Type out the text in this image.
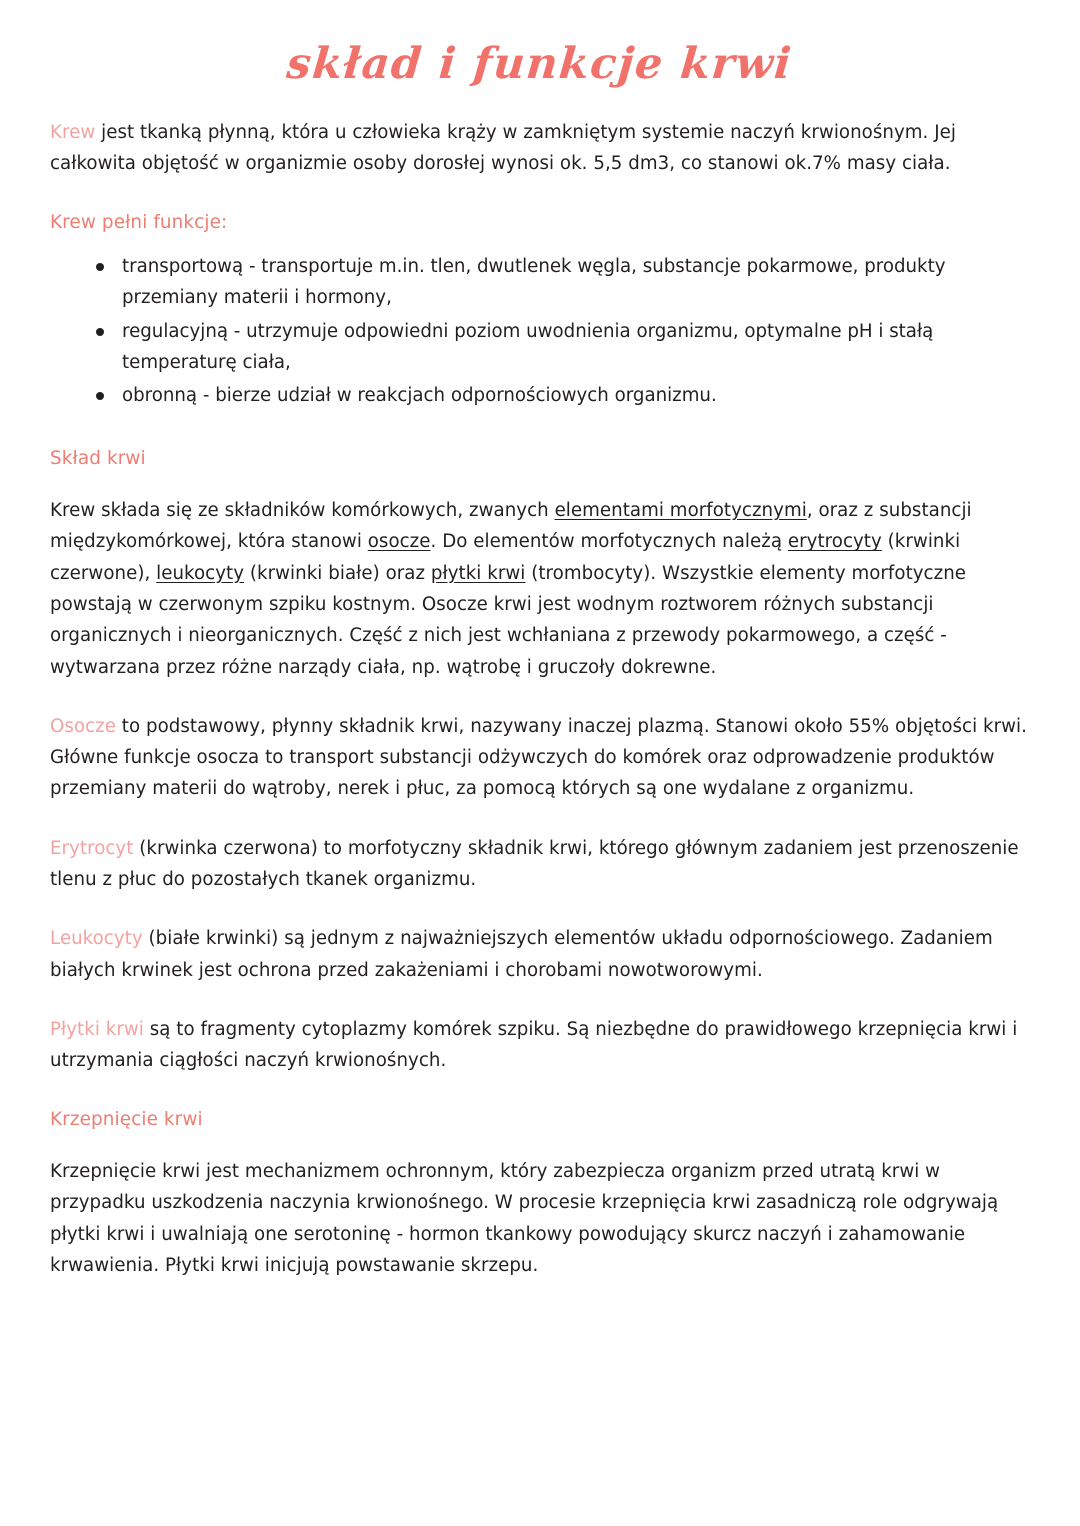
skład i funkcje krwi

Krew jest tkanką płynną, która u człowieka krąży w zamkniętym systemie naczyń krwionośnym. Jej całkowita objętość w organizmie osoby dorosłej wynosi ok. 5,5 dm3, co stanowi ok.7% masy ciała.

Krew pełni funkcje:

transportową - transportuje m.in. tlen, dwutlenek węgla, substancje pokarmowe, produkty przemiany materii i hormony,
regulacyjną - utrzymuje odpowiedni poziom uwodnienia organizmu, optymalne pH i stałą temperaturę ciała,
obronną - bierze udział w reakcjach odpornościowych organizmu.

Skład krwi

Krew składa się ze składników komórkowych, zwanych elementami morfotycznymi, oraz z substancji międzykomórkowej, która stanowi osocze. Do elementów morfotycznych należą erytrocyty (krwinki czerwone), leukocyty (krwinki białe) oraz płytki krwi (trombocyty). Wszystkie elementy morfotyczne powstają w czerwonym szpiku kostnym. Osocze krwi jest wodnym roztworem różnych substancji organicznych i nieorganicznych. Część z nich jest wchłaniana z przewody pokarmowego, a część - wytwarzana przez różne narządy ciała, np. wątrobę i gruczoły dokrewne.

Osocze to podstawowy, płynny składnik krwi, nazywany inaczej plazmą. Stanowi około 55% objętości krwi. Główne funkcje osocza to transport substancji odżywczych do komórek oraz odprowadzenie produktów przemiany materii do wątroby, nerek i płuc, za pomocą których są one wydalane z organizmu.

Erytrocyt (krwinka czerwona) to morfotyczny składnik krwi, którego głównym zadaniem jest przenoszenie tlenu z płuc do pozostałych tkanek organizmu.

Leukocyty (białe krwinki) są jednym z najważniejszych elementów układu odpornościowego. Zadaniem białych krwinek jest ochrona przed zakażeniami i chorobami nowotworowymi.

Płytki krwi są to fragmenty cytoplazmy komórek szpiku. Są niezbędne do prawidłowego krzepnięcia krwi i utrzymania ciągłości naczyń krwionośnych.

Krzepnięcie krwi

Krzepnięcie krwi jest mechanizmem ochronnym, który zabezpiecza organizm przed utratą krwi w przypadku uszkodzenia naczynia krwionośnego. W procesie krzepnięcia krwi zasadniczą role odgrywają płytki krwi i uwalniają one serotoninę - hormon tkankowy powodujący skurcz naczyń i zahamowanie krwawienia. Płytki krwi inicjują powstawanie skrzepu.
